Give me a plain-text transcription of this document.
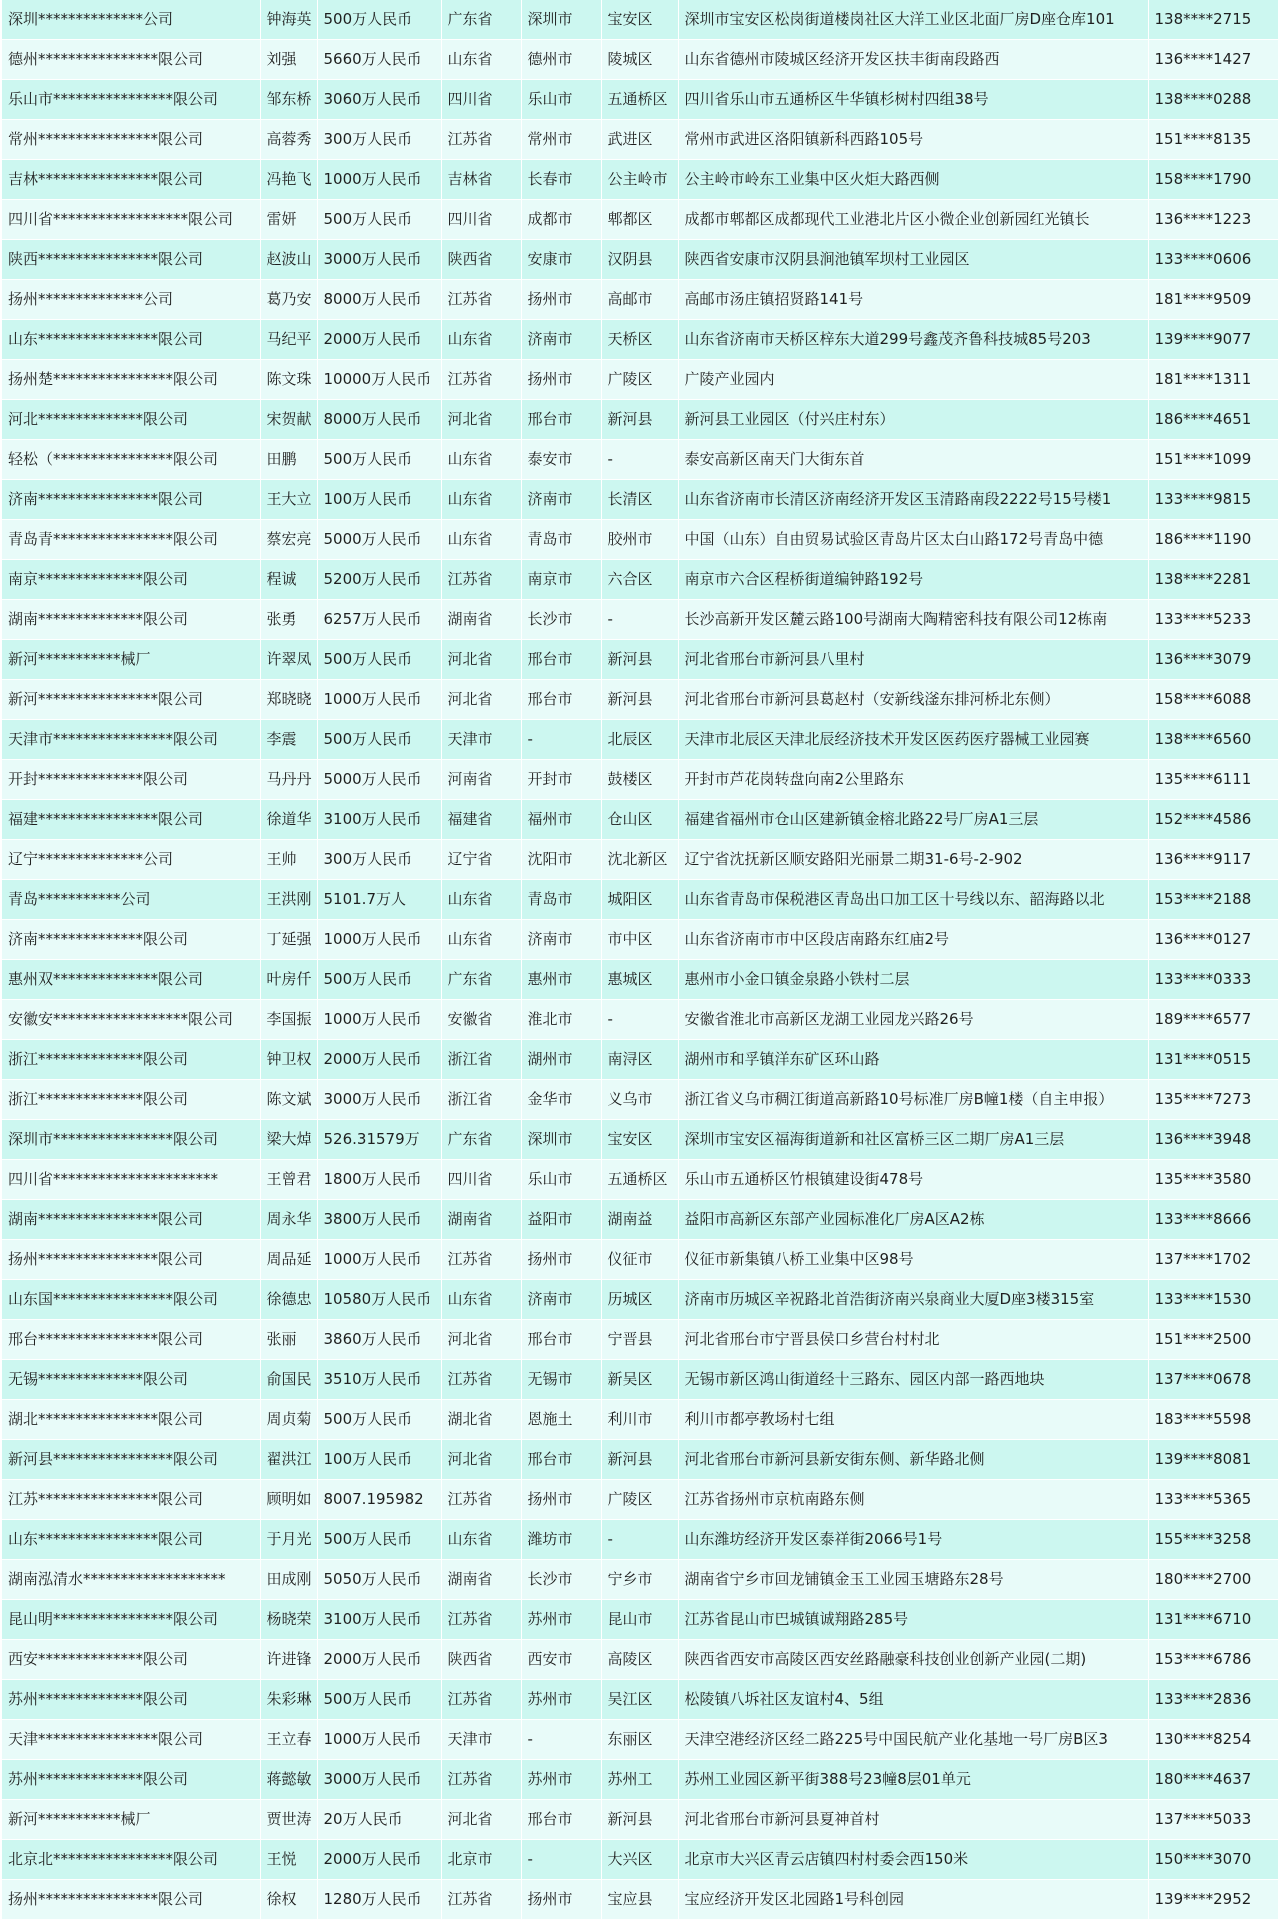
深圳**************公司	钟海英	500万人民币	广东省	深圳市	宝安区	深圳市宝安区松岗街道楼岗社区大洋工业区北面厂房D座仓库101	138****2715
德州****************限公司	刘强	5660万人民币	山东省	德州市	陵城区	山东省德州市陵城区经济开发区扶丰街南段路西	136****1427
乐山市****************限公司	邹东桥	3060万人民币	四川省	乐山市	五通桥区	四川省乐山市五通桥区牛华镇杉树村四组38号	138****0288
常州****************限公司	高蓉秀	300万人民币	江苏省	常州市	武进区	常州市武进区洛阳镇新科西路105号	151****8135
吉林****************限公司	冯艳飞	1000万人民币	吉林省	长春市	公主岭市	公主岭市岭东工业集中区火炬大路西侧	158****1790
四川省******************限公司	雷妍	500万人民币	四川省	成都市	郫都区	成都市郫都区成都现代工业港北片区小微企业创新园红光镇长	136****1223
陕西****************限公司	赵波山	3000万人民币	陕西省	安康市	汉阴县	陕西省安康市汉阴县涧池镇军坝村工业园区	133****0606
扬州**************公司	葛乃安	8000万人民币	江苏省	扬州市	高邮市	高邮市汤庄镇招贤路141号	181****9509
山东****************限公司	马纪平	2000万人民币	山东省	济南市	天桥区	山东省济南市天桥区梓东大道299号鑫茂齐鲁科技城85号203	139****9077
扬州楚****************限公司	陈文珠	10000万人民币	江苏省	扬州市	广陵区	广陵产业园内	181****1311
河北**************限公司	宋贺献	8000万人民币	河北省	邢台市	新河县	新河县工业园区（付兴庄村东）	186****4651
轻松（****************限公司	田鹏	500万人民币	山东省	泰安市	-	泰安高新区南天门大街东首	151****1099
济南****************限公司	王大立	100万人民币	山东省	济南市	长清区	山东省济南市长清区济南经济开发区玉清路南段2222号15号楼1	133****9815
青岛青****************限公司	蔡宏亮	5000万人民币	山东省	青岛市	胶州市	中国（山东）自由贸易试验区青岛片区太白山路172号青岛中德	186****1190
南京**************限公司	程诚	5200万人民币	江苏省	南京市	六合区	南京市六合区程桥街道编钟路192号	138****2281
湖南**************限公司	张勇	6257万人民币	湖南省	长沙市	-	长沙高新开发区麓云路100号湖南大陶精密科技有限公司12栋南	133****5233
新河***********械厂	许翠凤	500万人民币	河北省	邢台市	新河县	河北省邢台市新河县八里村	136****3079
新河****************限公司	郑晓晓	1000万人民币	河北省	邢台市	新河县	河北省邢台市新河县葛赵村（安新线滏东排河桥北东侧）	158****6088
天津市****************限公司	李震	500万人民币	天津市	-	北辰区	天津市北辰区天津北辰经济技术开发区医药医疗器械工业园赛	138****6560
开封**************限公司	马丹丹	5000万人民币	河南省	开封市	鼓楼区	开封市芦花岗转盘向南2公里路东	135****6111
福建****************限公司	徐道华	3100万人民币	福建省	福州市	仓山区	福建省福州市仓山区建新镇金榕北路22号厂房A1三层	152****4586
辽宁**************公司	王帅	300万人民币	辽宁省	沈阳市	沈北新区	辽宁省沈抚新区顺安路阳光丽景二期31-6号-2-902	136****9117
青岛***********公司	王洪刚	5101.7万人	山东省	青岛市	城阳区	山东省青岛市保税港区青岛出口加工区十号线以东、韶海路以北	153****2188
济南**************限公司	丁延强	1000万人民币	山东省	济南市	市中区	山东省济南市市中区段店南路东红庙2号	136****0127
惠州双**************限公司	叶房仟	500万人民币	广东省	惠州市	惠城区	惠州市小金口镇金泉路小铁村二层	133****0333
安徽安******************限公司	李国振	1000万人民币	安徽省	淮北市	-	安徽省淮北市高新区龙湖工业园龙兴路26号	189****6577
浙江**************限公司	钟卫权	2000万人民币	浙江省	湖州市	南浔区	湖州市和孚镇洋东矿区环山路	131****0515
浙江**************限公司	陈文斌	3000万人民币	浙江省	金华市	义乌市	浙江省义乌市稠江街道高新路10号标准厂房B幢1楼（自主申报）	135****7273
深圳市****************限公司	梁大焯	526.31579万	广东省	深圳市	宝安区	深圳市宝安区福海街道新和社区富桥三区二期厂房A1三层	136****3948
四川省**********************	王曾君	1800万人民币	四川省	乐山市	五通桥区	乐山市五通桥区竹根镇建设街478号	135****3580
湖南****************限公司	周永华	3800万人民币	湖南省	益阳市	湖南益	益阳市高新区东部产业园标准化厂房A区A2栋	133****8666
扬州****************限公司	周品延	1000万人民币	江苏省	扬州市	仪征市	仪征市新集镇八桥工业集中区98号	137****1702
山东国****************限公司	徐德忠	10580万人民币	山东省	济南市	历城区	济南市历城区辛祝路北首浩街济南兴泉商业大厦D座3楼315室	133****1530
邢台****************限公司	张丽	3860万人民币	河北省	邢台市	宁晋县	河北省邢台市宁晋县侯口乡营台村村北	151****2500
无锡**************限公司	俞国民	3510万人民币	江苏省	无锡市	新吴区	无锡市新区鸿山街道经十三路东、园区内部一路西地块	137****0678
湖北****************限公司	周贞菊	500万人民币	湖北省	恩施土	利川市	利川市都亭教场村七组	183****5598
新河县****************限公司	翟洪江	100万人民币	河北省	邢台市	新河县	河北省邢台市新河县新安街东侧、新华路北侧	139****8081
江苏****************限公司	顾明如	8007.195982	江苏省	扬州市	广陵区	江苏省扬州市京杭南路东侧	133****5365
山东****************限公司	于月光	500万人民币	山东省	潍坊市	-	山东潍坊经济开发区泰祥街2066号1号	155****3258
湖南泓清水*******************	田成刚	5050万人民币	湖南省	长沙市	宁乡市	湖南省宁乡市回龙铺镇金玉工业园玉塘路东28号	180****2700
昆山明****************限公司	杨晓荣	3100万人民币	江苏省	苏州市	昆山市	江苏省昆山市巴城镇诚翔路285号	131****6710
西安**************限公司	许进锋	2000万人民币	陕西省	西安市	高陵区	陕西省西安市高陵区西安丝路融豪科技创业创新产业园(二期)	153****6786
苏州**************限公司	朱彩琳	500万人民币	江苏省	苏州市	吴江区	松陵镇八坼社区友谊村4、5组	133****2836
天津****************限公司	王立春	1000万人民币	天津市	-	东丽区	天津空港经济区经二路225号中国民航产业化基地一号厂房B区3	130****8254
苏州**************限公司	蒋懿敏	3000万人民币	江苏省	苏州市	苏州工	苏州工业园区新平街388号23幢8层01单元	180****4637
新河***********械厂	贾世涛	20万人民币	河北省	邢台市	新河县	河北省邢台市新河县夏神首村	137****5033
北京北****************限公司	王悦	2000万人民币	北京市	-	大兴区	北京市大兴区青云店镇四村村委会西150米	150****3070
扬州****************限公司	徐权	1280万人民币	江苏省	扬州市	宝应县	宝应经济开发区北园路1号科创园	139****2952
